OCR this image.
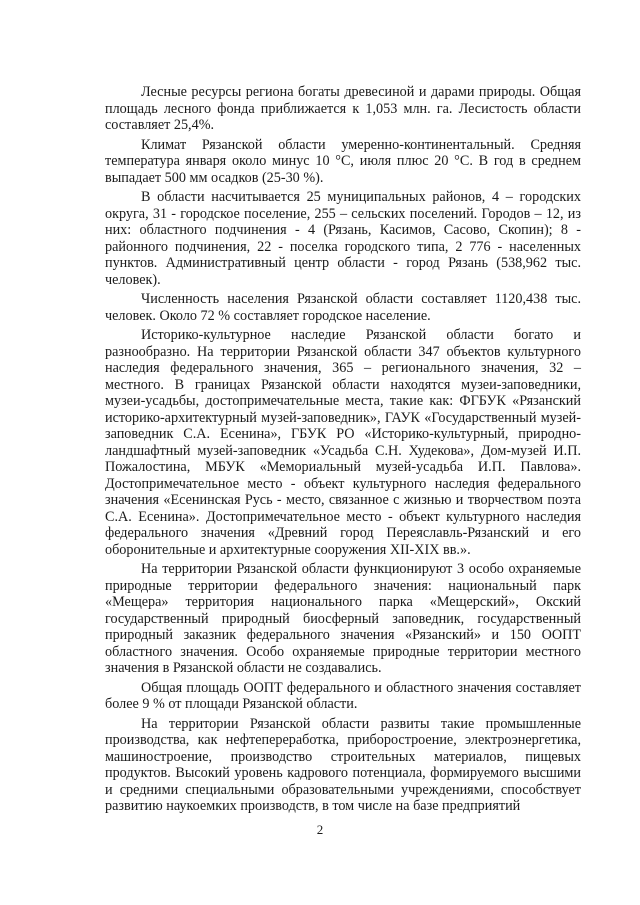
Лесные ресурсы региона богаты древесиной и дарами природы. Общая площадь лесного фонда приближается к 1,053 млн. га. Лесистость области составляет 25,4%.

Климат Рязанской области умеренно-континентальный. Средняя температура января около минус 10 °C, июля плюс 20 °C. В год в среднем выпадает 500 мм осадков (25-30 %).

В области насчитывается 25 муниципальных районов, 4 – городских округа, 31 - городское поселение, 255 – сельских поселений. Городов – 12, из них: областного подчинения - 4 (Рязань, Касимов, Сасово, Скопин); 8 - районного подчинения, 22 - поселка городского типа, 2 776 - населенных пунктов. Административный центр области - город Рязань (538,962 тыс. человек).

Численность населения Рязанской области составляет 1120,438 тыс. человек. Около 72 % составляет городское население.

Историко-культурное наследие Рязанской области богато и разнообразно. На территории Рязанской области 347 объектов культурного наследия федерального значения, 365 – регионального значения, 32 – местного. В границах Рязанской области находятся музеи-заповедники, музеи-усадьбы, достопримечательные места, такие как: ФГБУК «Рязанский историко-архитектурный музей-заповедник», ГАУК «Государственный музей-заповедник С.А. Есенина», ГБУК РО «Историко-культурный, природно-ландшафтный музей-заповедник «Усадьба С.Н. Худекова», Дом-музей И.П. Пожалостина, МБУК «Мемориальный музей-усадьба И.П. Павлова». Достопримечательное место - объект культурного наследия федерального значения «Есенинская Русь - место, связанное с жизнью и творчеством поэта С.А. Есенина». Достопримечательное место - объект культурного наследия федерального значения «Древний город Переяславль-Рязанский и его оборонительные и архитектурные сооружения XII-XIX вв.».

На территории Рязанской области функционируют 3 особо охраняемые природные территории федерального значения: национальный парк «Мещера» территория национального парка «Мещерский», Окский государственный природный биосферный заповедник, государственный природный заказник федерального значения «Рязанский» и 150 ООПТ областного значения. Особо охраняемые природные территории местного значения в Рязанской области не создавались.

Общая площадь ООПТ федерального и областного значения составляет более 9 % от площади Рязанской области.

На территории Рязанской области развиты такие промышленные производства, как нефтепереработка, приборостроение, электроэнергетика, машиностроение, производство строительных материалов, пищевых продуктов. Высокий уровень кадрового потенциала, формируемого высшими и средними специальными образовательными учреждениями, способствует развитию наукоемких производств, в том числе на базе предприятий

2
